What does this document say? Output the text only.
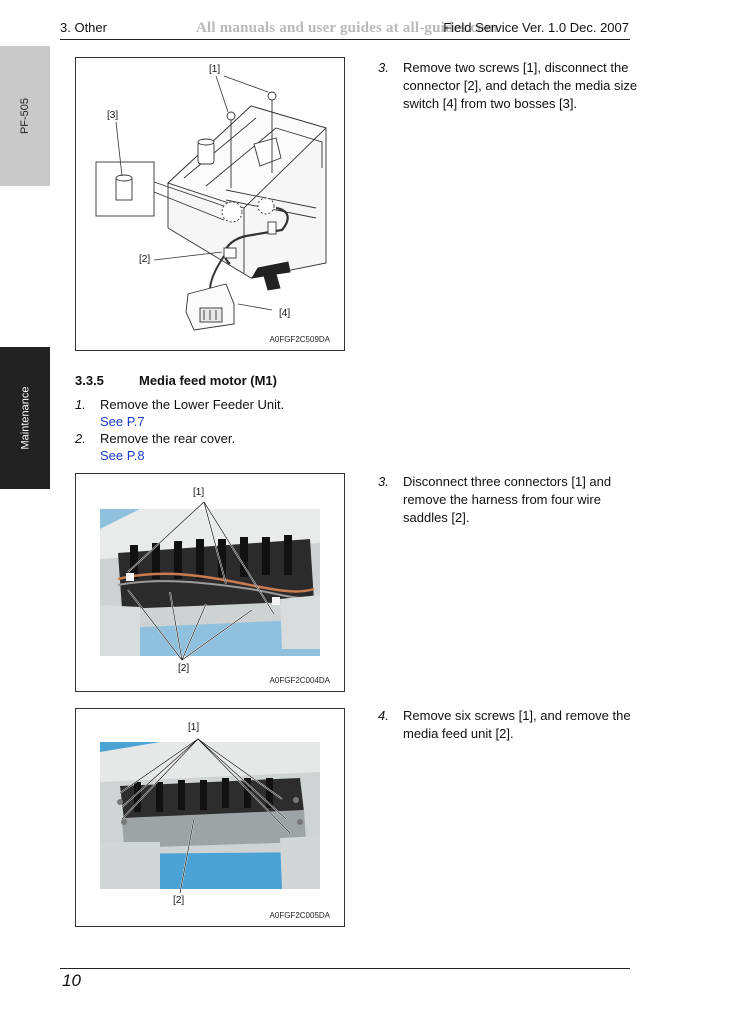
3. Other	All manuals and user guides at all-guides.com
Field Service Ver. 1.0 Dec. 2007
PF-505
Maintenance
[1]
[3]
[2]
[4]
A0FGF2C509DA
3. Remove two screws [1], disconnect the connector [2], and detach the media size switch [4] from two bosses [3].
3.3.5	Media feed motor (M1)
1. Remove the Lower Feeder Unit.
See P.7
2. Remove the rear cover.
See P.8
[1]
[2]
A0FGF2C004DA
3. Disconnect three connectors [1] and remove the harness from four wire saddles [2].
[1]
[2]
A0FGF2C005DA
4. Remove six screws [1], and remove the media feed unit [2].
10
